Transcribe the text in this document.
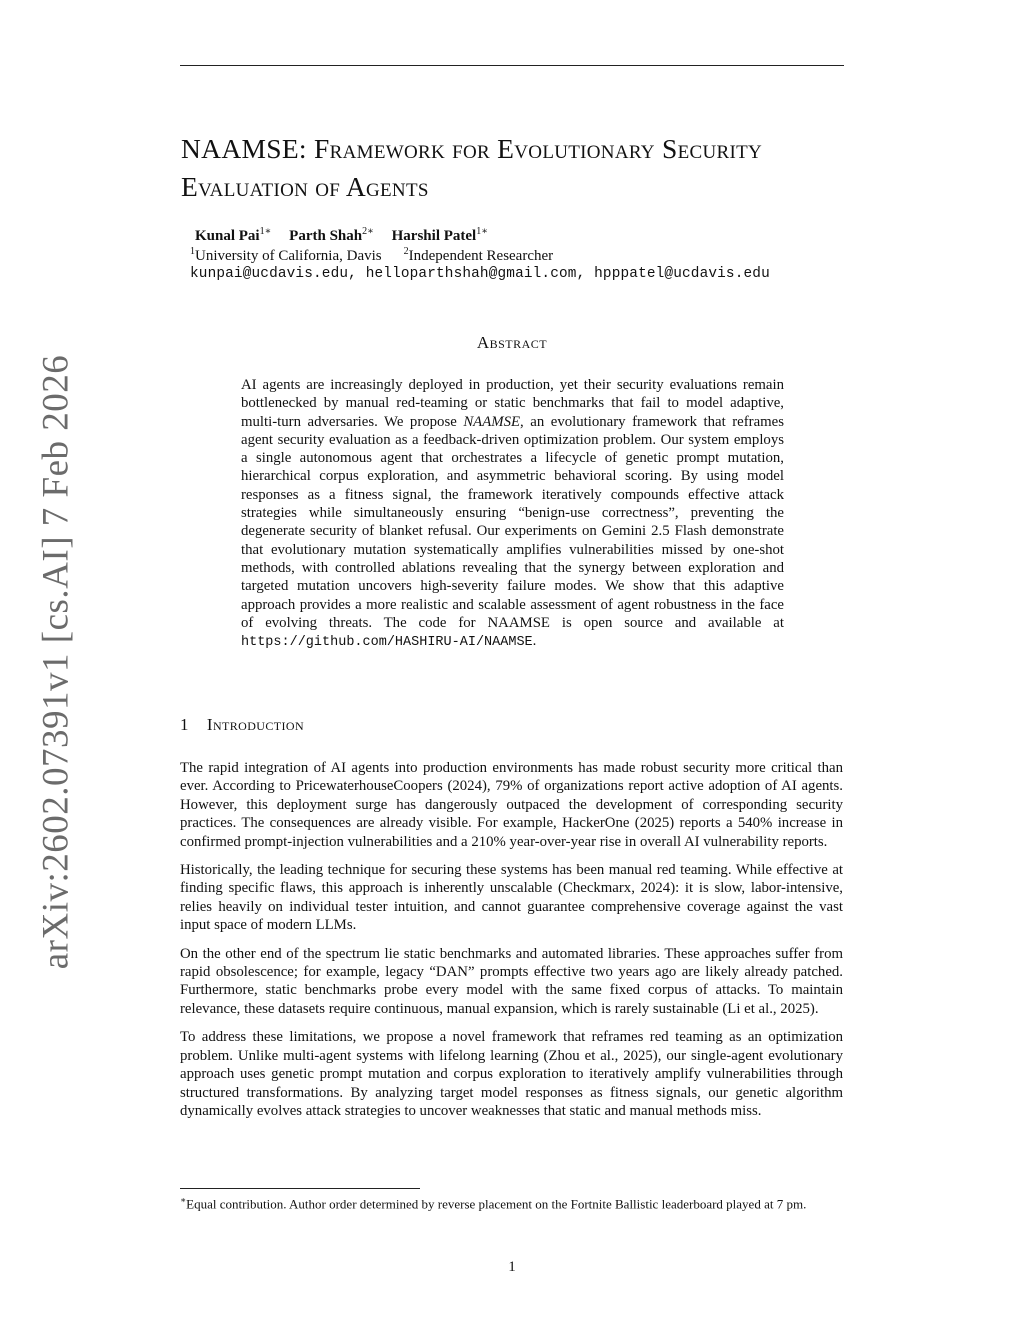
arXiv:2602.07391v1 [cs.AI] 7 Feb 2026
NAAMSE: Framework for Evolutionary Security Evaluation of Agents
Kunal Pai$^{1∗}$ Parth Shah$^{2∗}$ Harshil Patel$^{1∗}$
$^1$University of California, Davis $^2$Independent Researcher
kunpai@ucdavis.edu, helloparthshah@gmail.com, hpppatel@ucdavis.edu
Abstract
AI agents are increasingly deployed in production, yet their security evaluations remain bottlenecked by manual red-teaming or static benchmarks that fail to model adaptive, multi-turn adversaries. We propose NAAMSE, an evolutionary framework that reframes agent security evaluation as a feedback-driven optimization problem. Our system employs a single autonomous agent that orchestrates a lifecycle of genetic prompt mutation, hierarchical corpus exploration, and asymmetric behavioral scoring. By using model responses as a fitness signal, the framework iteratively compounds effective attack strategies while simultaneously ensuring “benign-use correctness”, preventing the degenerate security of blanket refusal. Our experiments on Gemini 2.5 Flash demonstrate that evolutionary mutation systematically amplifies vulnerabilities missed by one-shot methods, with controlled ablations revealing that the synergy between exploration and targeted mutation uncovers high-severity failure modes. We show that this adaptive approach provides a more realistic and scalable assessment of agent robustness in the face of evolving threats. The code for NAAMSE is open source and available at https://github.com/HASHIRU-AI/NAAMSE.
1 Introduction

The rapid integration of AI agents into production environments has made robust security more critical than ever. According to PricewaterhouseCoopers (2024), 79% of organizations report active adoption of AI agents. However, this deployment surge has dangerously outpaced the development of corresponding security practices. The consequences are already visible. For example, HackerOne (2025) reports a 540% increase in confirmed prompt-injection vulnerabilities and a 210% year-over-year rise in overall AI vulnerability reports.

Historically, the leading technique for securing these systems has been manual red teaming. While effective at finding specific flaws, this approach is inherently unscalable (Checkmarx, 2024): it is slow, labor-intensive, relies heavily on individual tester intuition, and cannot guarantee comprehensive coverage against the vast input space of modern LLMs.

On the other end of the spectrum lie static benchmarks and automated libraries. These approaches suffer from rapid obsolescence; for example, legacy “DAN” prompts effective two years ago are likely already patched. Furthermore, static benchmarks probe every model with the same fixed corpus of attacks. To maintain relevance, these datasets require continuous, manual expansion, which is rarely sustainable (Li et al., 2025).

To address these limitations, we propose a novel framework that reframes red teaming as an optimization problem. Unlike multi-agent systems with lifelong learning (Zhou et al., 2025), our single-agent evolutionary approach uses genetic prompt mutation and corpus exploration to iteratively amplify vulnerabilities through structured transformations. By analyzing target model responses as fitness signals, our genetic algorithm dynamically evolves attack strategies to uncover weaknesses that static and manual methods miss.

∗Equal contribution. Author order determined by reverse placement on the Fortnite Ballistic leaderboard played at 7 pm.
1
